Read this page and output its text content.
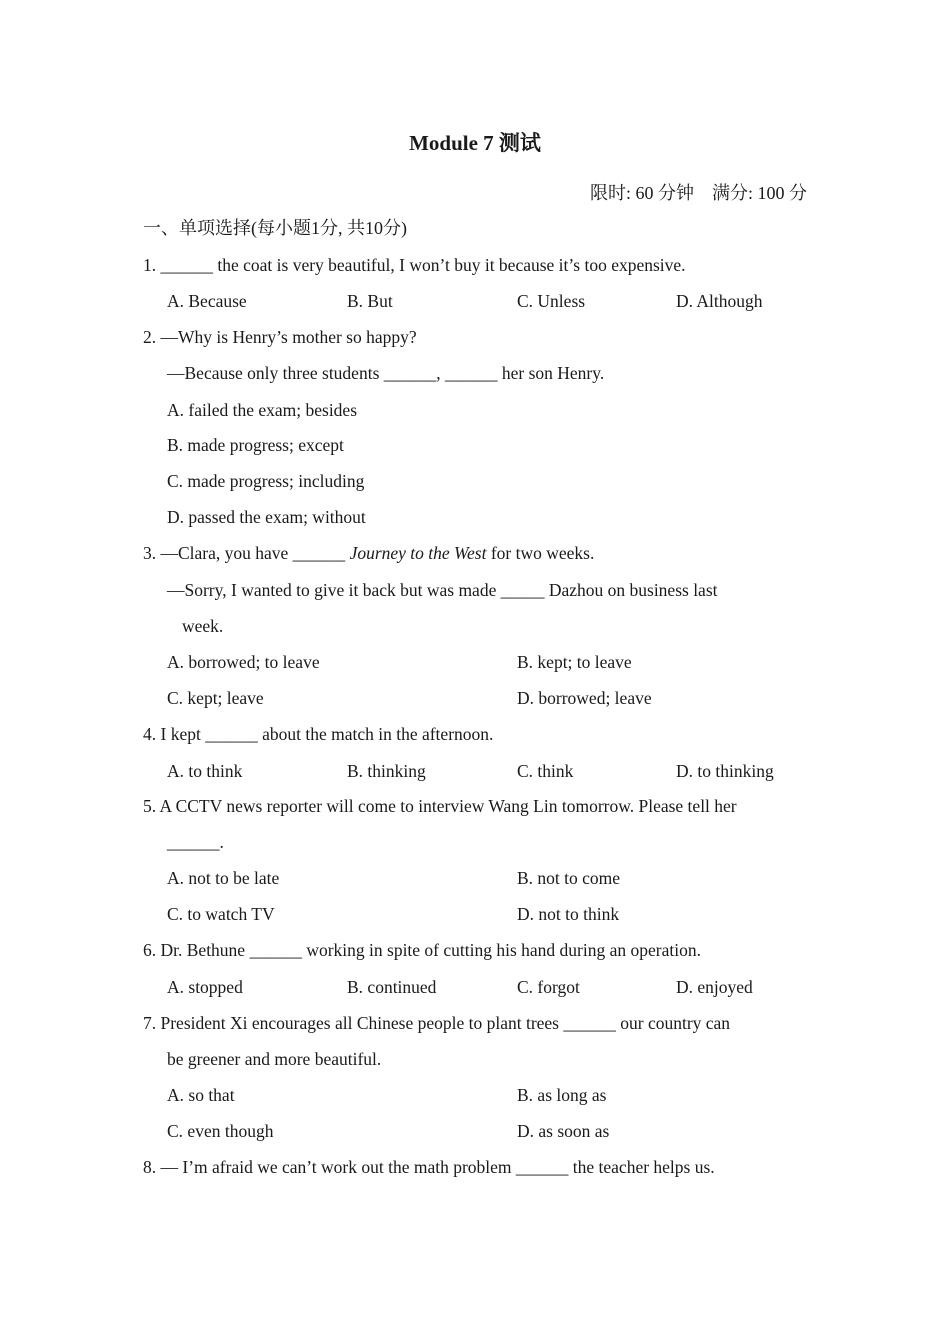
Module 7 测试
限时: 60 分钟 满分: 100 分
一、单项选择(每小题1分, 共10分)
1. ______ the coat is very beautiful, I won’t buy it because it’s too expensive.
A. Because	B. But	C. Unless	D. Although
2. —Why is Henry’s mother so happy?
—Because only three students ______, ______ her son Henry.
A. failed the exam; besides
B. made progress; except
C. made progress; including
D. passed the exam; without
3. —Clara, you have ______ Journey to the West for two weeks.
—Sorry, I wanted to give it back but was made _____ Dazhou on business last
week.
A. borrowed; to leave	B. kept; to leave
C. kept; leave	D. borrowed; leave
4. I kept ______ about the match in the afternoon.
A. to think	B. thinking	C. think	D. to thinking
5. A CCTV news reporter will come to interview Wang Lin tomorrow. Please tell her
______.
A. not to be late	B. not to come
C. to watch TV	D. not to think
6. Dr. Bethune ______ working in spite of cutting his hand during an operation.
A. stopped	B. continued	C. forgot	D. enjoyed
7. President Xi encourages all Chinese people to plant trees ______ our country can
be greener and more beautiful.
A. so that	B. as long as
C. even though	D. as soon as
8. — I’m afraid we can’t work out the math problem ______ the teacher helps us.
